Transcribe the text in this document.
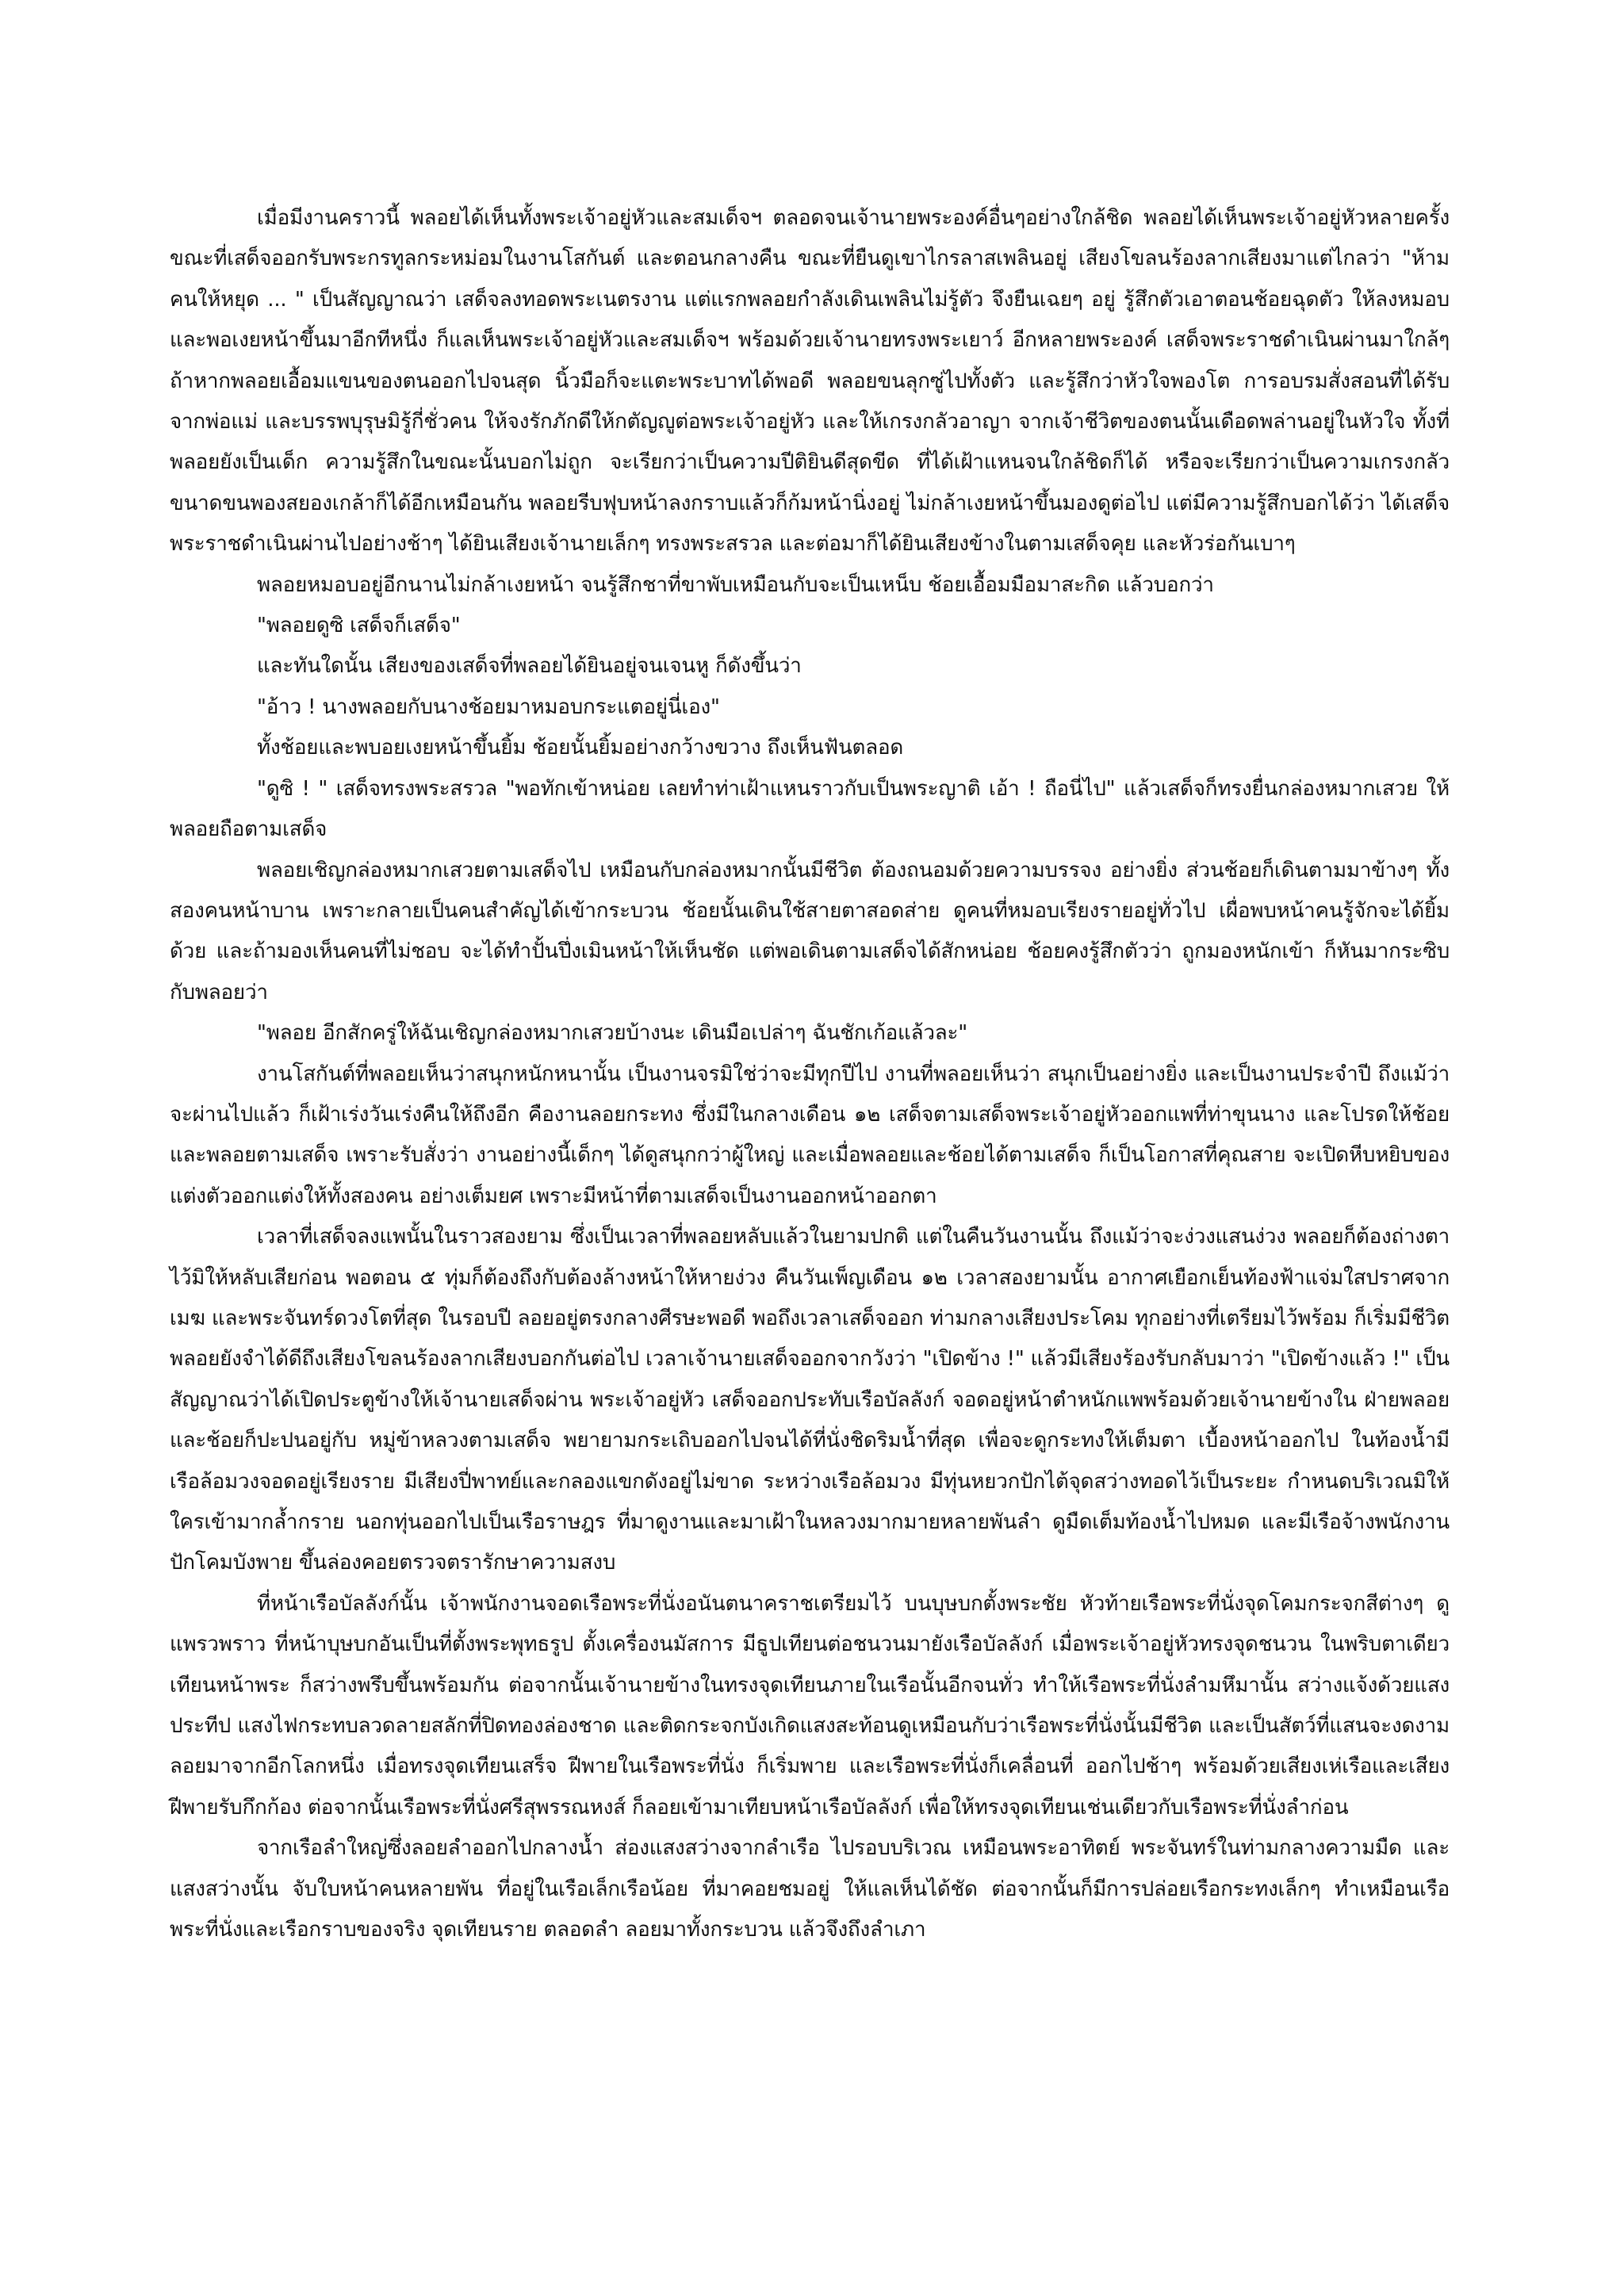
เมื่อมีงานคราวนี้ พลอยได้เห็นทั้งพระเจ้าอยู่หัวและสมเด็จฯ ตลอดจนเจ้านายพระองค์อื่นๆอย่างใกล้ชิด พลอยได้เห็นพระเจ้าอยู่หัวหลายครั้ง ขณะที่เสด็จออกรับพระกรทูลกระหม่อมในงานโสกันต์ และตอนกลางคืน ขณะที่ยืนดูเขาไกรลาสเพลินอยู่ เสียงโขลนร้องลากเสียงมาแต่ไกลว่า "ห้ามคนให้หยุด ... " เป็นสัญญาณว่า เสด็จลงทอดพระเนตรงาน แต่แรกพลอยกำลังเดินเพลินไม่รู้ตัว จึงยืนเฉยๆ อยู่ รู้สึกตัวเอาตอนช้อยฉุดตัว ให้ลงหมอบ และพอเงยหน้าขึ้นมาอีกทีหนึ่ง ก็แลเห็นพระเจ้าอยู่หัวและสมเด็จฯ พร้อมด้วยเจ้านายทรงพระเยาว์ อีกหลายพระองค์ เสด็จพระราชดำเนินผ่านมาใกล้ๆ ถ้าหากพลอยเอื้อมแขนของตนออกไปจนสุด นิ้วมือก็จะแตะพระบาทได้พอดี พลอยขนลุกซู่ไปทั้งตัว และรู้สึกว่าหัวใจพองโต การอบรมสั่งสอนที่ได้รับ จากพ่อแม่ และบรรพบุรุษมิรู้กี่ชั่วคน ให้จงรักภักดีให้กตัญญูต่อพระเจ้าอยู่หัว และให้เกรงกลัวอาญา จากเจ้าชีวิตของตนนั้นเดือดพล่านอยู่ในหัวใจ ทั้งที่พลอยยังเป็นเด็ก ความรู้สึกในขณะนั้นบอกไม่ถูก จะเรียกว่าเป็นความปีติยินดีสุดขีด ที่ได้เฝ้าแหนจนใกล้ชิดก็ได้ หรือจะเรียกว่าเป็นความเกรงกลัว ขนาดขนพองสยองเกล้าก็ได้อีกเหมือนกัน พลอยรีบฟุบหน้าลงกราบแล้วก็ก้มหน้านิ่งอยู่ ไม่กล้าเงยหน้าขึ้นมองดูต่อไป แต่มีความรู้สึกบอกได้ว่า ได้เสด็จพระราชดำเนินผ่านไปอย่างช้าๆ ได้ยินเสียงเจ้านายเล็กๆ ทรงพระสรวล และต่อมาก็ได้ยินเสียงข้างในตามเสด็จคุย และหัวร่อกันเบาๆ

พลอยหมอบอยู่อีกนานไม่กล้าเงยหน้า จนรู้สึกชาที่ขาพับเหมือนกับจะเป็นเหน็บ ช้อยเอื้อมมือมาสะกิด แล้วบอกว่า

"พลอยดูซิ เสด็จก็เสด็จ"

และทันใดนั้น เสียงของเสด็จที่พลอยได้ยินอยู่จนเจนหู ก็ดังขึ้นว่า

"อ้าว ! นางพลอยกับนางช้อยมาหมอบกระแตอยู่นี่เอง"

ทั้งช้อยและพบอยเงยหน้าขึ้นยิ้ม ช้อยนั้นยิ้มอย่างกว้างขวาง ถึงเห็นฟันตลอด

"ดูซิ ! " เสด็จทรงพระสรวล "พอทักเข้าหน่อย เลยทำท่าเฝ้าแหนราวกับเป็นพระญาติ เอ้า ! ถือนี่ไป" แล้วเสด็จก็ทรงยื่นกล่องหมากเสวย ให้พลอยถือตามเสด็จ

พลอยเชิญกล่องหมากเสวยตามเสด็จไป เหมือนกับกล่องหมากนั้นมีชีวิต ต้องถนอมด้วยความบรรจง อย่างยิ่ง ส่วนช้อยก็เดินตามมาข้างๆ ทั้งสองคนหน้าบาน เพราะกลายเป็นคนสำคัญได้เข้ากระบวน ช้อยนั้นเดินใช้สายตาสอดส่าย ดูคนที่หมอบเรียงรายอยู่ทั่วไป เผื่อพบหน้าคนรู้จักจะได้ยิ้มด้วย และถ้ามองเห็นคนที่ไม่ชอบ จะได้ทำปั้นปึ่งเมินหน้าให้เห็นชัด แต่พอเดินตามเสด็จได้สักหน่อย ช้อยคงรู้สึกตัวว่า ถูกมองหนักเข้า ก็หันมากระซิบกับพลอยว่า

"พลอย อีกสักครู่ให้ฉันเชิญกล่องหมากเสวยบ้างนะ เดินมือเปล่าๆ ฉันชักเก้อแล้วละ"

งานโสกันต์ที่พลอยเห็นว่าสนุกหนักหนานั้น เป็นงานจรมิใช่ว่าจะมีทุกปีไป งานที่พลอยเห็นว่า สนุกเป็นอย่างยิ่ง และเป็นงานประจำปี ถึงแม้ว่าจะผ่านไปแล้ว ก็เฝ้าเร่งวันเร่งคืนให้ถึงอีก คืองานลอยกระทง ซึ่งมีในกลางเดือน ๑๒ เสด็จตามเสด็จพระเจ้าอยู่หัวออกแพที่ท่าขุนนาง และโปรดให้ช้อยและพลอยตามเสด็จ เพราะรับสั่งว่า งานอย่างนี้เด็กๆ ได้ดูสนุกกว่าผู้ใหญ่ และเมื่อพลอยและช้อยได้ตามเสด็จ ก็เป็นโอกาสที่คุณสาย จะเปิดหีบหยิบของแต่งตัวออกแต่งให้ทั้งสองคน อย่างเต็มยศ เพราะมีหน้าที่ตามเสด็จเป็นงานออกหน้าออกตา

เวลาที่เสด็จลงแพนั้นในราวสองยาม ซึ่งเป็นเวลาที่พลอยหลับแล้วในยามปกติ แต่ในคืนวันงานนั้น ถึงแม้ว่าจะง่วงแสนง่วง พลอยก็ต้องถ่างตาไว้มิให้หลับเสียก่อน พอตอน ๕ ทุ่มก็ต้องถึงกับต้องล้างหน้าให้หายง่วง คืนวันเพ็ญเดือน ๑๒ เวลาสองยามนั้น อากาศเยือกเย็นท้องฟ้าแจ่มใสปราศจากเมฆ และพระจันทร์ดวงโตที่สุด ในรอบปี ลอยอยู่ตรงกลางศีรษะพอดี พอถึงเวลาเสด็จออก ท่ามกลางเสียงประโคม ทุกอย่างที่เตรียมไว้พร้อม ก็เริ่มมีชีวิต พลอยยังจำได้ดีถึงเสียงโขลนร้องลากเสียงบอกกันต่อไป เวลาเจ้านายเสด็จออกจากวังว่า "เปิดข้าง !" แล้วมีเสียงร้องรับกลับมาว่า "เปิดข้างแล้ว !" เป็นสัญญาณว่าได้เปิดประตูข้างให้เจ้านายเสด็จผ่าน พระเจ้าอยู่หัว เสด็จออกประทับเรือบัลลังก์ จอดอยู่หน้าตำหนักแพพร้อมด้วยเจ้านายข้างใน ฝ่ายพลอยและช้อยก็ปะปนอยู่กับ หมู่ข้าหลวงตามเสด็จ พยายามกระเถิบออกไปจนได้ที่นั่งชิดริมน้ำที่สุด เพื่อจะดูกระทงให้เต็มตา เบื้องหน้าออกไป ในท้องน้ำมีเรือล้อมวงจอดอยู่เรียงราย มีเสียงปี่พาทย์และกลองแขกดังอยู่ไม่ขาด ระหว่างเรือล้อมวง มีทุ่นหยวกปักไต้จุดสว่างทอดไว้เป็นระยะ กำหนดบริเวณมิให้ใครเข้ามากล้ำกราย นอกทุ่นออกไปเป็นเรือราษฎร ที่มาดูงานและมาเฝ้าในหลวงมากมายหลายพันลำ ดูมืดเต็มท้องน้ำไปหมด และมีเรือจ้างพนักงานปักโคมบังพาย ขึ้นล่องคอยตรวจตรารักษาความสงบ

ที่หน้าเรือบัลลังก์นั้น เจ้าพนักงานจอดเรือพระที่นั่งอนันตนาคราชเตรียมไว้ บนบุษบกตั้งพระชัย หัวท้ายเรือพระที่นั่งจุดโคมกระจกสีต่างๆ ดูแพรวพราว ที่หน้าบุษบกอันเป็นที่ตั้งพระพุทธรูป ตั้งเครื่องนมัสการ มีธูปเทียนต่อชนวนมายังเรือบัลลังก์ เมื่อพระเจ้าอยู่หัวทรงจุดชนวน ในพริบตาเดียวเทียนหน้าพระ ก็สว่างพรึบขึ้นพร้อมกัน ต่อจากนั้นเจ้านายข้างในทรงจุดเทียนภายในเรือนั้นอีกจนทั่ว ทำให้เรือพระที่นั่งลำมหึมานั้น สว่างแจ้งด้วยแสงประทีป แสงไฟกระทบลวดลายสลักที่ปิดทองล่องชาด และติดกระจกบังเกิดแสงสะท้อนดูเหมือนกับว่าเรือพระที่นั่งนั้นมีชีวิต และเป็นสัตว์ที่แสนจะงดงาม ลอยมาจากอีกโลกหนึ่ง เมื่อทรงจุดเทียนเสร็จ ฝีพายในเรือพระที่นั่ง ก็เริ่มพาย และเรือพระที่นั่งก็เคลื่อนที่ ออกไปช้าๆ พร้อมด้วยเสียงเห่เรือและเสียงฝีพายรับกึกก้อง ต่อจากนั้นเรือพระที่นั่งศรีสุพรรณหงส์ ก็ลอยเข้ามาเทียบหน้าเรือบัลลังก์ เพื่อให้ทรงจุดเทียนเช่นเดียวกับเรือพระที่นั่งลำก่อน

จากเรือลำใหญ่ซึ่งลอยลำออกไปกลางน้ำ ส่องแสงสว่างจากลำเรือ ไปรอบบริเวณ เหมือนพระอาทิตย์ พระจันทร์ในท่ามกลางความมืด และแสงสว่างนั้น จับใบหน้าคนหลายพัน ที่อยู่ในเรือเล็กเรือน้อย ที่มาคอยชมอยู่ ให้แลเห็นได้ชัด ต่อจากนั้นก็มีการปล่อยเรือกระทงเล็กๆ ทำเหมือนเรือพระที่นั่งและเรือกราบของจริง จุดเทียนราย ตลอดลำ ลอยมาทั้งกระบวน แล้วจึงถึงลำเภา
